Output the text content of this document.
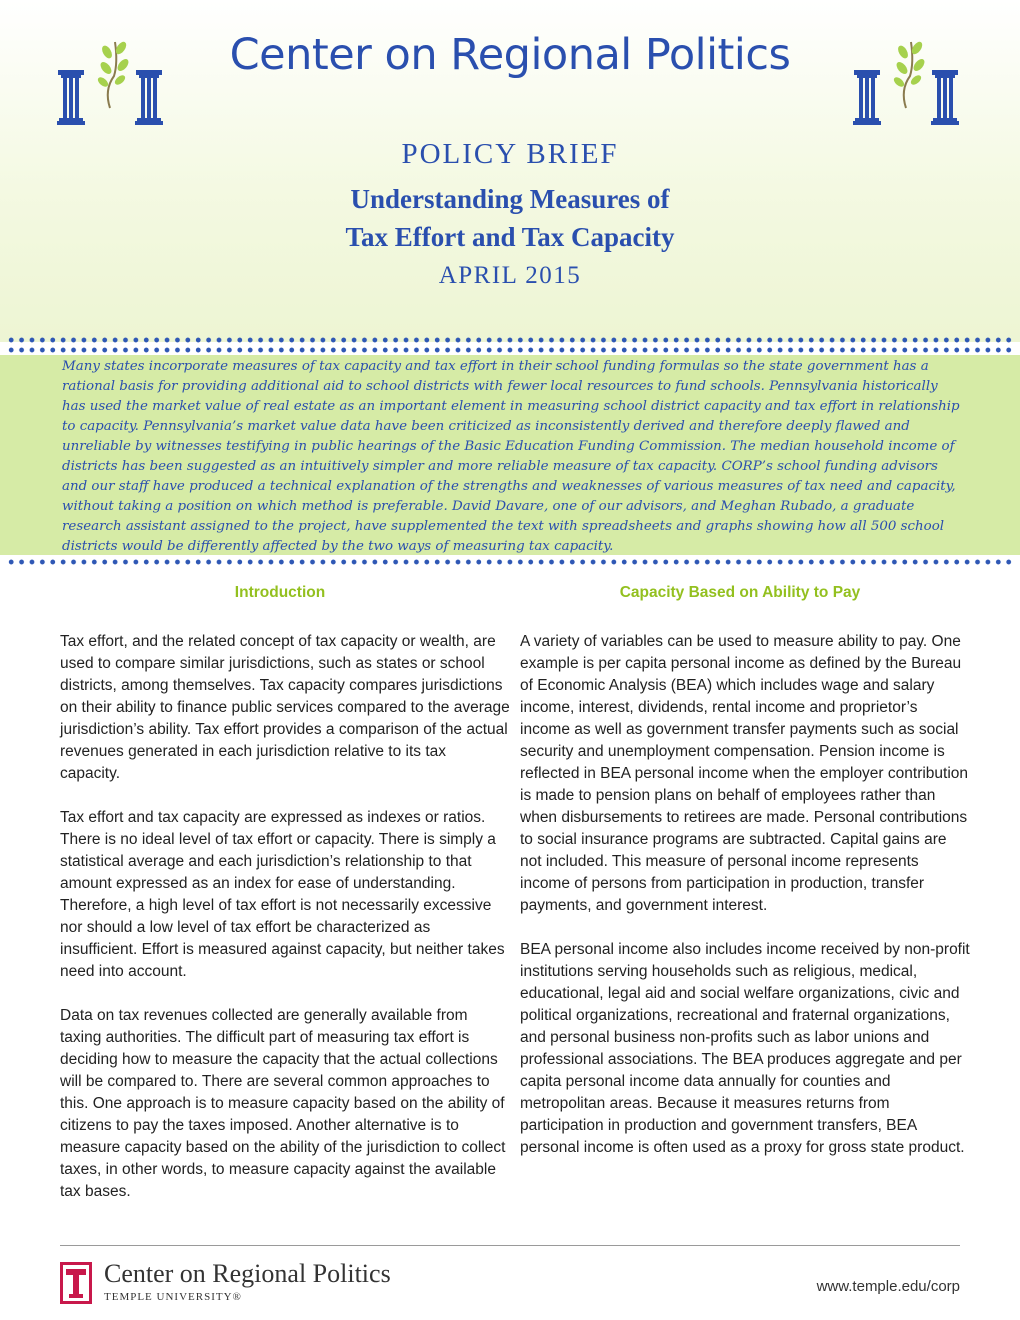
Center on Regional Politics
POLICY BRIEF
Understanding Measures of
Tax Effort and Tax Capacity
APRIL 2015

Many states incorporate measures of tax capacity and tax effort in their school funding formulas so the state government has a rational basis for providing additional aid to school districts with fewer local resources to fund schools. Pennsylvania historically has used the market value of real estate as an important element in measuring school district capacity and tax effort in relationship to capacity. Pennsylvania’s market value data have been criticized as inconsistently derived and therefore deeply flawed and unreliable by witnesses testifying in public hearings of the Basic Education Funding Commission. The median household income of districts has been suggested as an intuitively simpler and more reliable measure of tax capacity. CORP’s school funding advisors and our staff have produced a technical explanation of the strengths and weaknesses of various measures of tax need and capacity, without taking a position on which method is preferable. David Davare, one of our advisors, and Meghan Rubado, a graduate research assistant assigned to the project, have supplemented the text with spreadsheets and graphs showing how all 500 school districts would be differently affected by the two ways of measuring tax capacity.

Introduction

Tax effort, and the related concept of tax capacity or wealth, are used to compare similar jurisdictions, such as states or school districts, among themselves. Tax capacity compares jurisdictions on their ability to finance public services compared to the average jurisdiction’s ability. Tax effort provides a comparison of the actual revenues generated in each jurisdiction relative to its tax capacity.

Tax effort and tax capacity are expressed as indexes or ratios. There is no ideal level of tax effort or capacity. There is simply a statistical average and each jurisdiction’s relationship to that amount expressed as an index for ease of understanding. Therefore, a high level of tax effort is not necessarily excessive nor should a low level of tax effort be characterized as insufficient. Effort is measured against capacity, but neither takes need into account.

Data on tax revenues collected are generally available from taxing authorities. The difficult part of measuring tax effort is deciding how to measure the capacity that the actual collections will be compared to. There are several common approaches to this. One approach is to measure capacity based on the ability of citizens to pay the taxes imposed. Another alternative is to measure capacity based on the ability of the jurisdiction to collect taxes, in other words, to measure capacity against the available tax bases.

Capacity Based on Ability to Pay

A variety of variables can be used to measure ability to pay. One example is per capita personal income as defined by the Bureau of Economic Analysis (BEA) which includes wage and salary income, interest, dividends, rental income and proprietor’s income as well as government transfer payments such as social security and unemployment compensation. Pension income is reflected in BEA personal income when the employer contribution is made to pension plans on behalf of employees rather than when disbursements to retirees are made. Personal contributions to social insurance programs are subtracted. Capital gains are not included. This measure of personal income represents income of persons from participation in production, transfer payments, and government interest.

BEA personal income also includes income received by non-profit institutions serving households such as religious, medical, educational, legal aid and social welfare organizations, civic and political organizations, recreational and fraternal organizations, and personal business non-profits such as labor unions and professional associations. The BEA produces aggregate and per capita personal income data annually for counties and metropolitan areas. Because it measures returns from participation in production and government transfers, BEA personal income is often used as a proxy for gross state product.

Center on Regional Politics
TEMPLE UNIVERSITY®
www.temple.edu/corp
